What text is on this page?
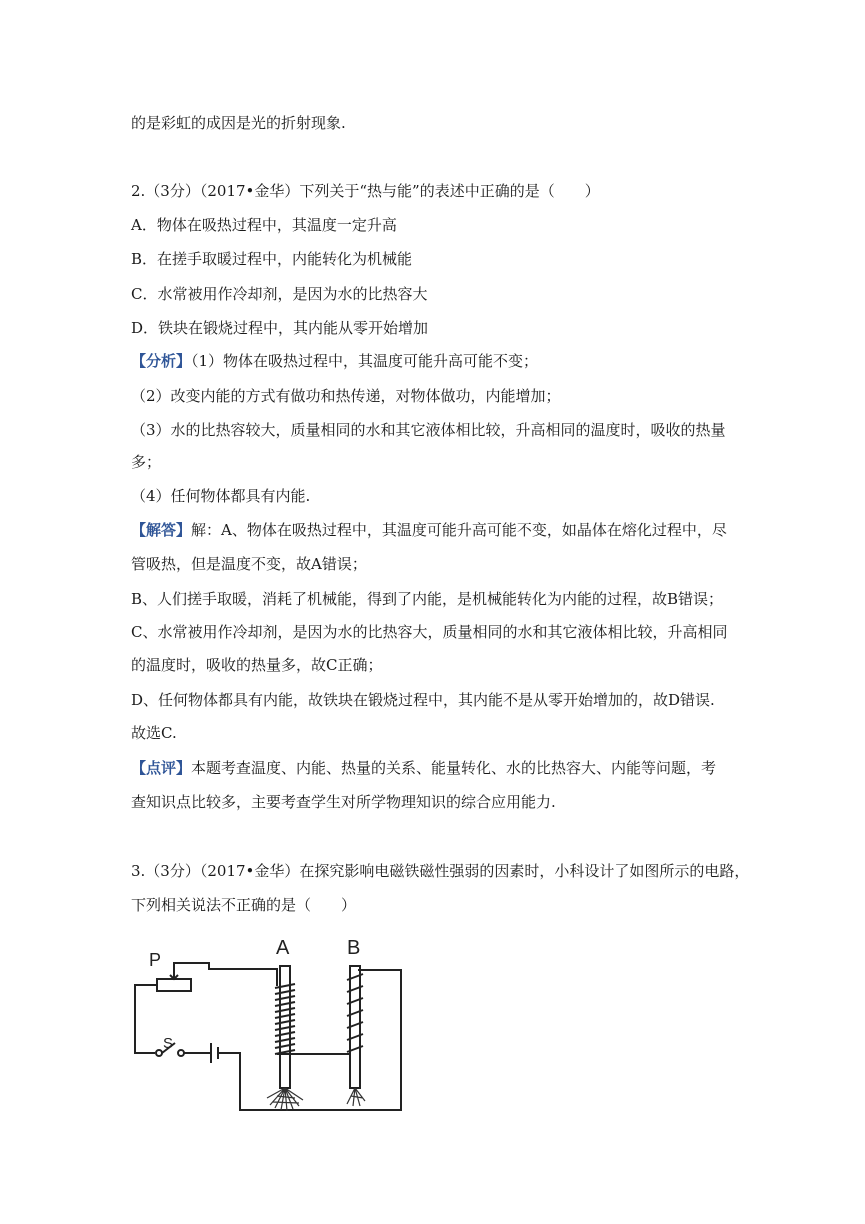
的是彩虹的成因是光的折射现象.
2.（3分）（2017•金华）下列关于“热与能”的表述中正确的是（　　）
A．物体在吸热过程中，其温度一定升高
B．在搓手取暖过程中，内能转化为机械能
C．水常被用作冷却剂，是因为水的比热容大
D．铁块在锻烧过程中，其内能从零开始增加
【分析】（1）物体在吸热过程中，其温度可能升高可能不变；
（2）改变内能的方式有做功和热传递，对物体做功，内能增加；
（3）水的比热容较大，质量相同的水和其它液体相比较，升高相同的温度时，吸收的热量
多；
（4）任何物体都具有内能.
【解答】解：A、物体在吸热过程中，其温度可能升高可能不变，如晶体在熔化过程中，尽
管吸热，但是温度不变，故A错误；
B、人们搓手取暖，消耗了机械能，得到了内能，是机械能转化为内能的过程，故B错误；
C、水常被用作冷却剂，是因为水的比热容大，质量相同的水和其它液体相比较，升高相同
的温度时，吸收的热量多，故C正确；
D、任何物体都具有内能，故铁块在锻烧过程中，其内能不是从零开始增加的，故D错误.
故选C.
【点评】本题考查温度、内能、热量的关系、能量转化、水的比热容大、内能等问题，考
查知识点比较多，主要考查学生对所学物理知识的综合应用能力.
3.（3分）（2017•金华）在探究影响电磁铁磁性强弱的因素时，小科设计了如图所示的电路，
下列相关说法不正确的是（　　）
P
S
A	B
